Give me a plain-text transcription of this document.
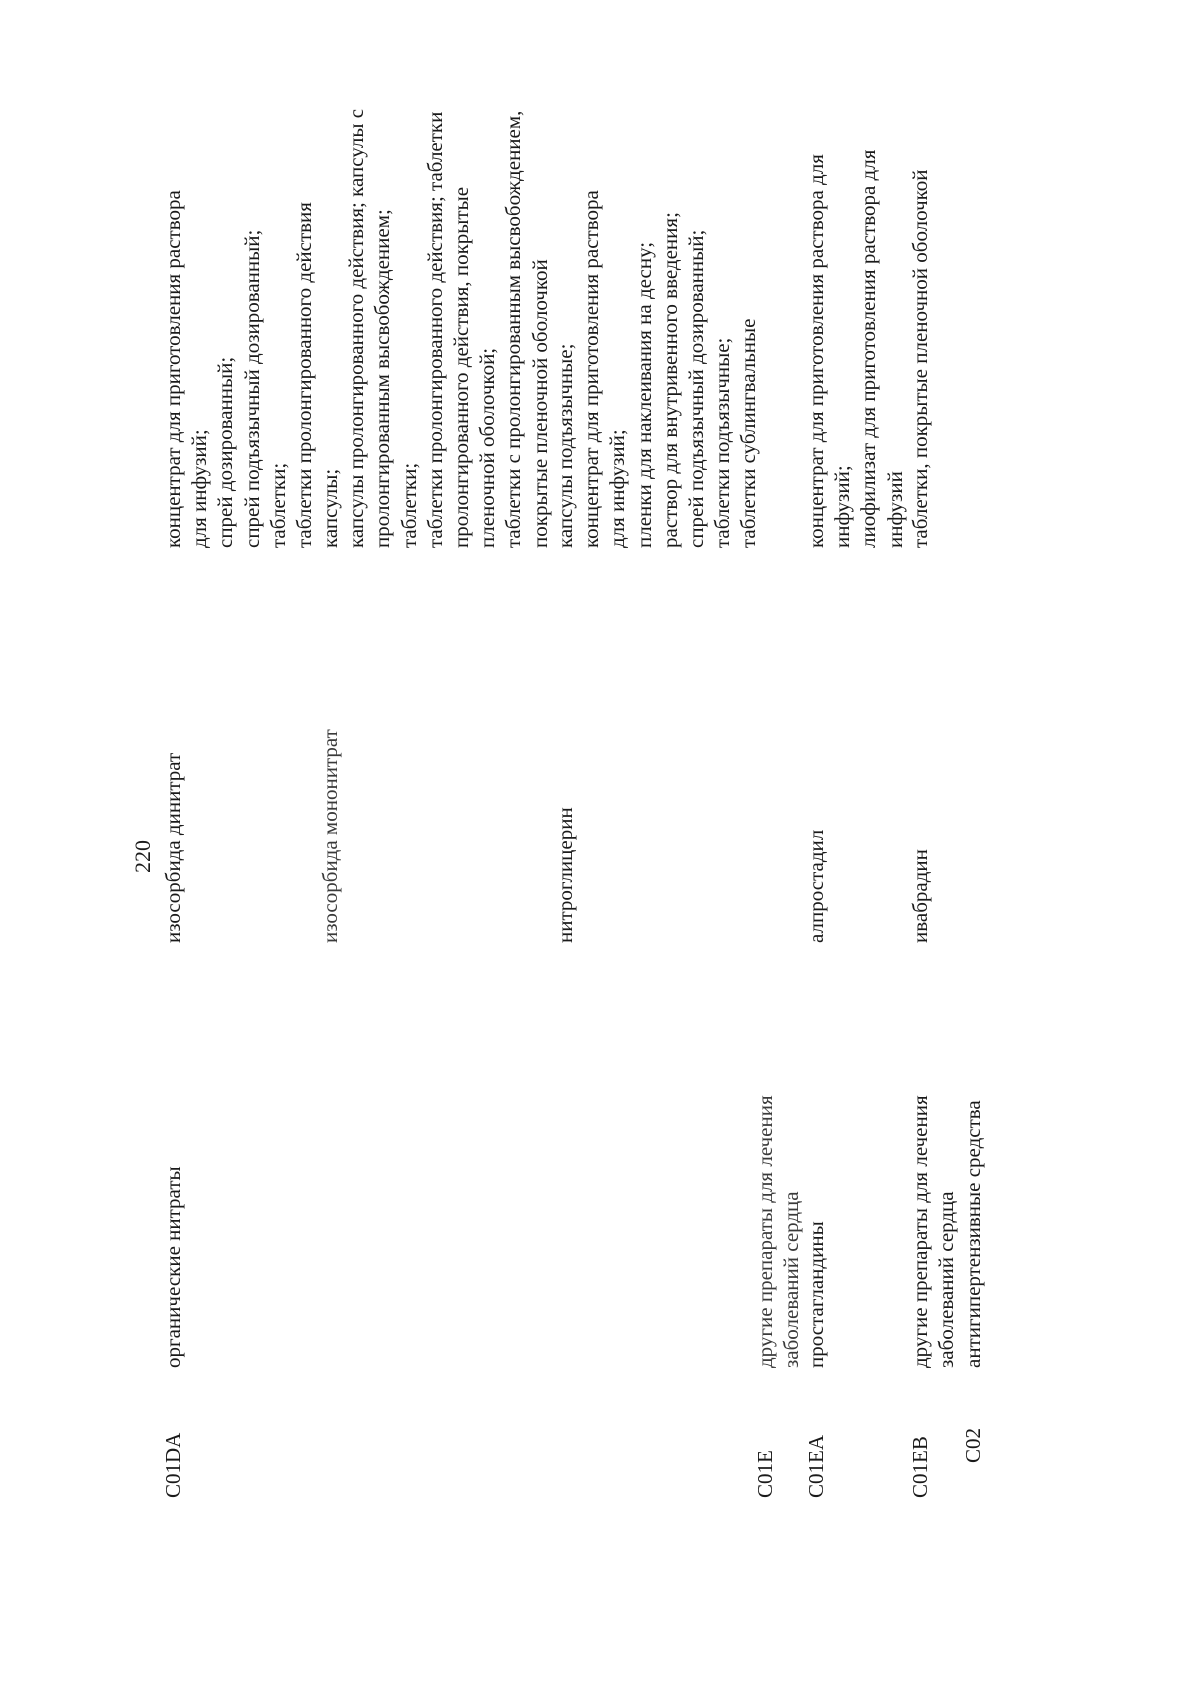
220
C01DA
органические нитраты
изосорбида динитрат
концентрат для приготовления раствора для инфузий; спрей дозированный; спрей подъязычный дозированный; таблетки; таблетки пролонгированного действия
изосорбида мононитрат
капсулы; капсулы пролонгированного действия; капсулы с пролонгированным высвобождением; таблетки; таблетки пролонгированного действия; таблетки пролонгированного действия, покрытые пленочной оболочкой; таблетки с пролонгированным высвобождением, покрытые пленочной оболочкой
нитроглицерин
капсулы подъязычные; концентрат для приготовления раствора для инфузий; пленки для наклеивания на десну; раствор для внутривенного введения; спрей подъязычный дозированный; таблетки подъязычные; таблетки сублингвальные
C01E
другие препараты для лечения заболеваний сердца
C01EA
простагландины
алпростадил
концентрат для приготовления раствора для инфузий; лиофилизат для приготовления раствора для инфузий
C01EB
другие препараты для лечения заболеваний сердца
ивабрадин
таблетки, покрытые пленочной оболочкой
C02
антигипертензивные средства
